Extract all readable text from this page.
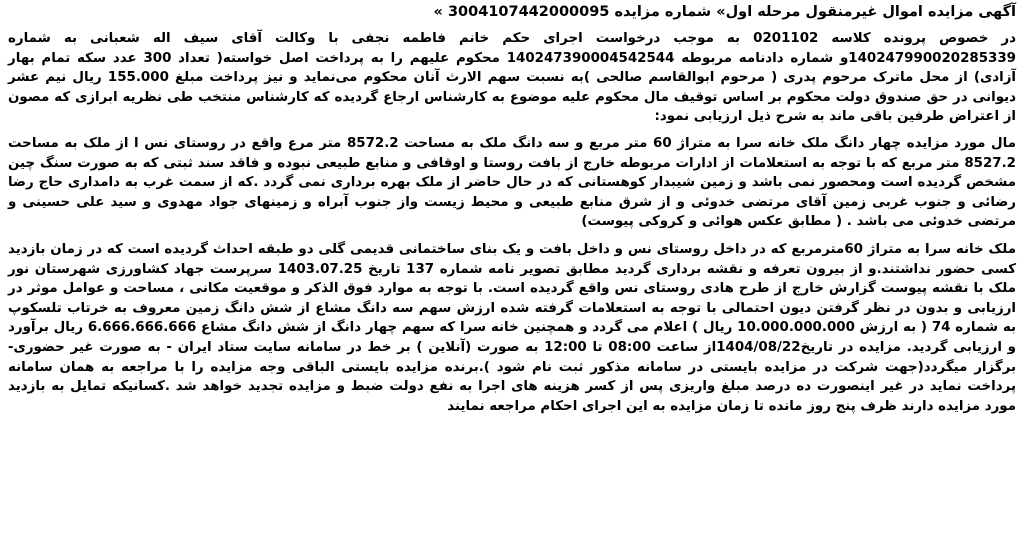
آگهی مزایده اموال غیرمنقول مرحله اول» شماره مزایده 3004107442000095 »

در خصوص پرونده کلاسه 0201102 به موجب درخواست اجرای حکم خانم فاطمه نجفی با وکالت آقای سیف اله شعبانی به شماره 140247990020285339و شماره دادنامه مربوطه 140247390004542544 محکوم علیهم را به پرداخت اصل خواسته( تعداد 300 عدد سکه تمام بهار آزادی) از محل ماترک مرحوم پدری ( مرحوم ابوالقاسم صالحی )به نسبت سهم الارث آنان محکوم می‌نماید و نیز پرداخت مبلغ 155.000 ریال نیم عشر دیوانی در حق صندوق دولت محکوم بر اساس توقیف مال محکوم علیه موضوع به کارشناس ارجاع گردیده که کارشناس منتخب طی نظریه ابرازی که مصون از اعتراض طرفین باقی ماند به شرح ذیل ارزیابی نمود:

مال مورد مزایده چهار دانگ ملک خانه سرا به متراژ 60 متر مربع و سه دانگ ملک به مساحت 8572.2 متر مرع واقع در روستای نس ا از ملک به مساحت 8527.2 متر مربع که با توجه به استعلامات از ادارات مربوطه خارج از بافت روستا و اوقافی و منابع طبیعی نبوده و فاقد سند ثبتی که به صورت سنگ چین مشخص گردیده است ومحصور نمی باشد و زمین شیبدار کوهستانی که در حال حاضر از ملک بهره برداری نمی گردد .که از سمت غرب به دامداری حاج رضا رضائی و جنوب غربی زمین آقای مرتضی خدوئی و از شرق منابع طبیعی و محیط زیست واز جنوب آبراه و زمینهای جواد مهدوی و سید علی حسینی و مرتضی خدوئی می باشد . ( مطابق عکس هوائی و کروکی پیوست)

ملک خانه سرا به متراژ 60مترمربع که در داخل روستای نس و داخل بافت و یک بنای ساختمانی قدیمی گلی دو طبقه احداث گردیده است که در زمان بازدید کسی حضور نداشتند.و از بیرون تعرفه و نقشه برداری گردید مطابق تصویر نامه شماره 137 تاریخ 1403.07.25 سرپرست جهاد کشاورزی شهرستان نور ملک با نقشه پیوست گزارش خارج از طرح هادی روستای نس واقع گردیده است. با توجه به موارد فوق الذکر و موقعیت مکانی ، مساحت و عوامل موثر در ارزیابی و بدون در نظر گرفتن دیون احتمالی با توجه به استعلامات گرفته شده ارزش سهم سه دانگ مشاع از شش دانگ زمین معروف به خرتاب تلسکوپ به شماره 74 ( به ارزش 10.000.000.000 ریال ) اعلام می گردد و همچنین خانه سرا که سهم چهار دانگ از شش دانگ مشاع 6.666.666.666 ریال برآورد و ارزیابی گردید. مزایده در تاریخ1404/08/22از ساعت 08:00 تا 12:00 به صورت (آنلاین ) بر خط در سامانه سایت ستاد ایران - به صورت غیر حضوری- برگزار میگردد(جهت شرکت در مزایده بایستی در سامانه مذکور ثبت نام شود ).برنده مزایده بایستی الباقی وجه مزایده را با مراجعه به همان سامانه پرداخت نماید در غیر اینصورت ده درصد مبلغ واریزی پس از کسر هزینه های اجرا به نفع دولت ضبط و مزایده تجدید خواهد شد .کسانیکه تمایل به بازدید مورد مزایده دارند ظرف پنج روز مانده تا زمان مزایده به این اجرای احکام مراجعه نمایند
